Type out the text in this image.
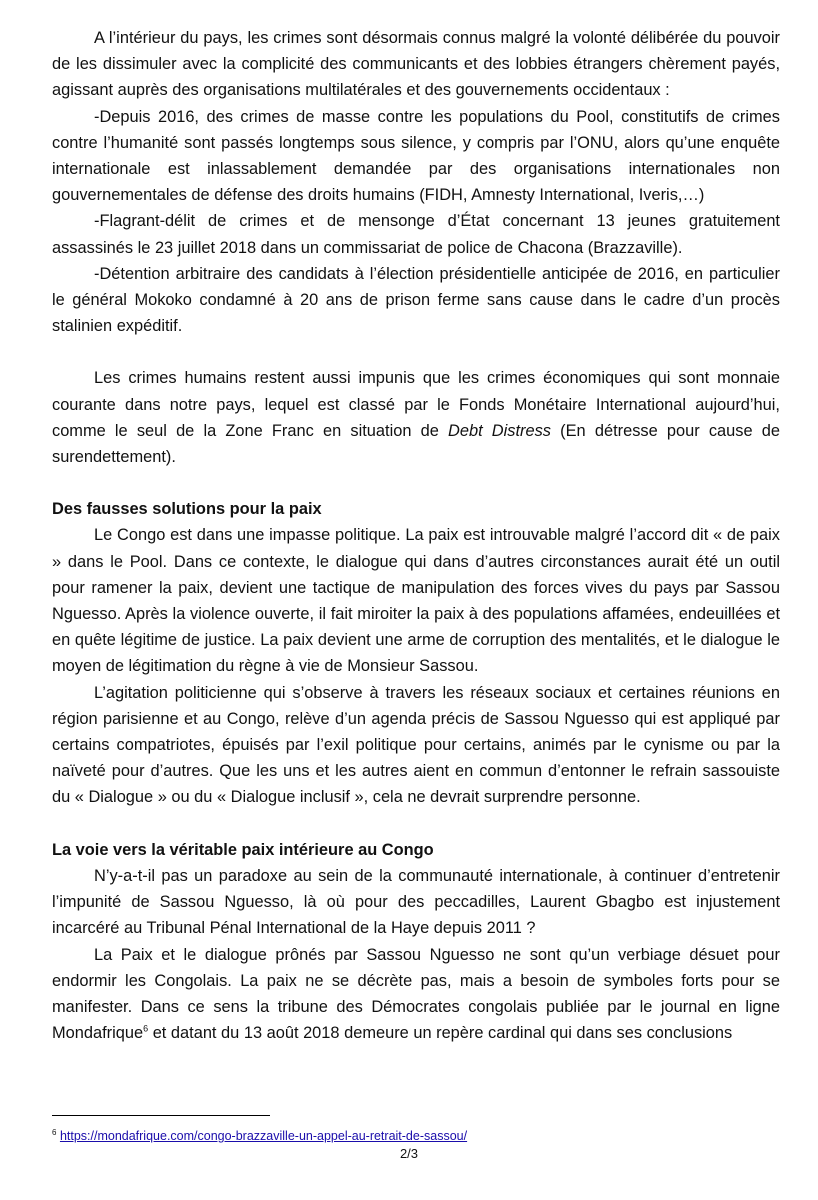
A l’intérieur du pays, les crimes sont désormais connus malgré la volonté délibérée du pouvoir de les dissimuler avec la complicité des communicants et des lobbies étrangers chèrement payés, agissant auprès des organisations multilatérales et des gouvernements occidentaux :

-Depuis 2016, des crimes de masse contre les populations du Pool, constitutifs de crimes contre l’humanité sont passés longtemps sous silence, y compris par l’ONU, alors qu’une enquête internationale est inlassablement demandée par des organisations internationales non gouvernementales de défense des droits humains (FIDH, Amnesty International, Iveris,…)

-Flagrant-délit de crimes et de mensonge d’État concernant 13 jeunes gratuitement assassinés le 23 juillet 2018 dans un commissariat de police de Chacona (Brazzaville).

-Détention arbitraire des candidats à l’élection présidentielle anticipée de 2016, en particulier le général Mokoko condamné à 20 ans de prison ferme sans cause dans le cadre d’un procès stalinien expéditif.

Les crimes humains restent aussi impunis que les crimes économiques qui sont monnaie courante dans notre pays, lequel est classé par le Fonds Monétaire International aujourd’hui, comme le seul de la Zone Franc en situation de Debt Distress (En détresse pour cause de surendettement).

Des fausses solutions pour la paix

Le Congo est dans une impasse politique. La paix est introuvable malgré l’accord dit « de paix » dans le Pool. Dans ce contexte, le dialogue qui dans d’autres circonstances aurait été un outil pour ramener la paix, devient une tactique de manipulation des forces vives du pays par Sassou Nguesso. Après la violence ouverte, il fait miroiter la paix à des populations affamées, endeuillées et en quête légitime de justice. La paix devient une arme de corruption des mentalités, et le dialogue le moyen de légitimation du règne à vie de Monsieur Sassou.

L’agitation politicienne qui s’observe à travers les réseaux sociaux et certaines réunions en région parisienne et au Congo, relève d’un agenda précis de Sassou Nguesso qui est appliqué par certains compatriotes, épuisés par l’exil politique pour certains, animés par le cynisme ou par la naïveté pour d’autres. Que les uns et les autres aient en commun d’entonner le refrain sassouiste du « Dialogue » ou du « Dialogue inclusif », cela ne devrait surprendre personne.

La voie vers la véritable paix intérieure au Congo

N’y-a-t-il pas un paradoxe au sein de la communauté internationale, à continuer d’entretenir l’impunité de Sassou Nguesso, là où pour des peccadilles, Laurent Gbagbo est injustement incarcéré au Tribunal Pénal International de la Haye depuis 2011 ?

La Paix et le dialogue prônés par Sassou Nguesso ne sont qu’un verbiage désuet pour endormir les Congolais. La paix ne se décrète pas, mais a besoin de symboles forts pour se manifester. Dans ce sens la tribune des Démocrates congolais publiée par le journal en ligne Mondafrique$^6$ et datant du 13 août 2018 demeure un repère cardinal qui dans ses conclusions

$^6$ https://mondafrique.com/congo-brazzaville-un-appel-au-retrait-de-sassou/
2/3
